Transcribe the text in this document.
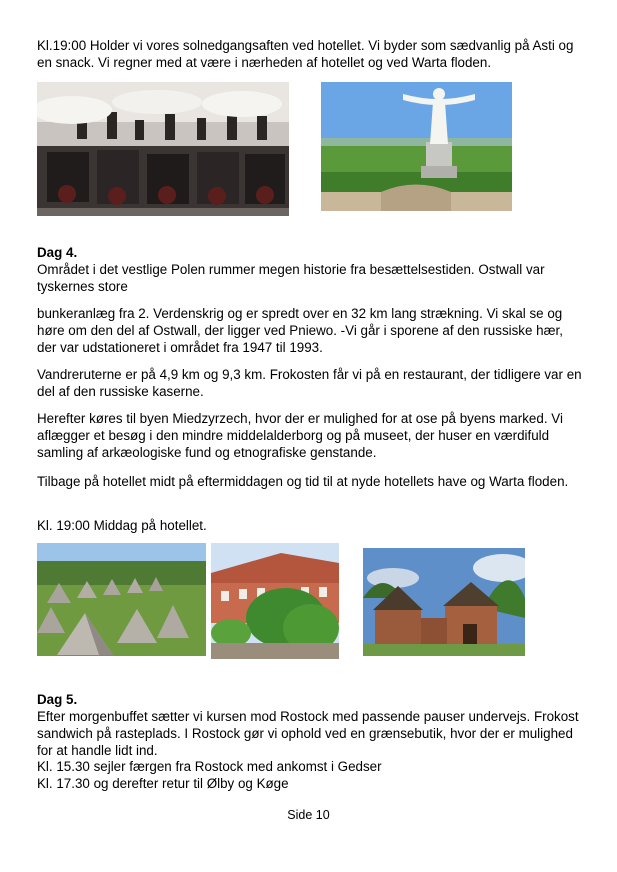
Kl.19:00 Holder vi vores solnedgangsaften ved hotellet. Vi byder som sædvanlig på Asti og en snack. Vi regner med at være i nærheden af hotellet og ved Warta floden.

Dag 4.

Området i det vestlige Polen rummer megen historie fra besættelsestiden. Ostwall var tyskernes store

bunkeranlæg fra 2. Verdenskrig og er spredt over en 32 km lang strækning. Vi skal se og høre om den del af Ostwall, der ligger ved Pniewo. -Vi går i sporene af den russiske hær, der var udstationeret i området fra 1947 til 1993.

Vandreruterne er på 4,9 km og 9,3 km. Frokosten får vi på en restaurant, der tidligere var en del af den russiske kaserne.

Herefter køres til byen Miedzyrzech, hvor der er mulighed for at ose på byens marked. Vi aflægger et besøg i den mindre middelalderborg og på museet, der huser en værdifuld samling af arkæologiske fund og etnografiske genstande.

Tilbage på hotellet midt på eftermiddagen og tid til at nyde hotellets have og Warta floden.

Kl. 19:00 Middag på hotellet.

Dag 5.

Efter morgenbuffet sætter vi kursen mod Rostock med passende pauser undervejs. Frokost sandwich på rasteplads. I Rostock gør vi ophold ved en grænsebutik, hvor der er mulighed for at handle lidt ind.

Kl. 15.30 sejler færgen fra Rostock med ankomst i Gedser

Kl. 17.30 og derefter retur til Ølby og Køge

Side 10
